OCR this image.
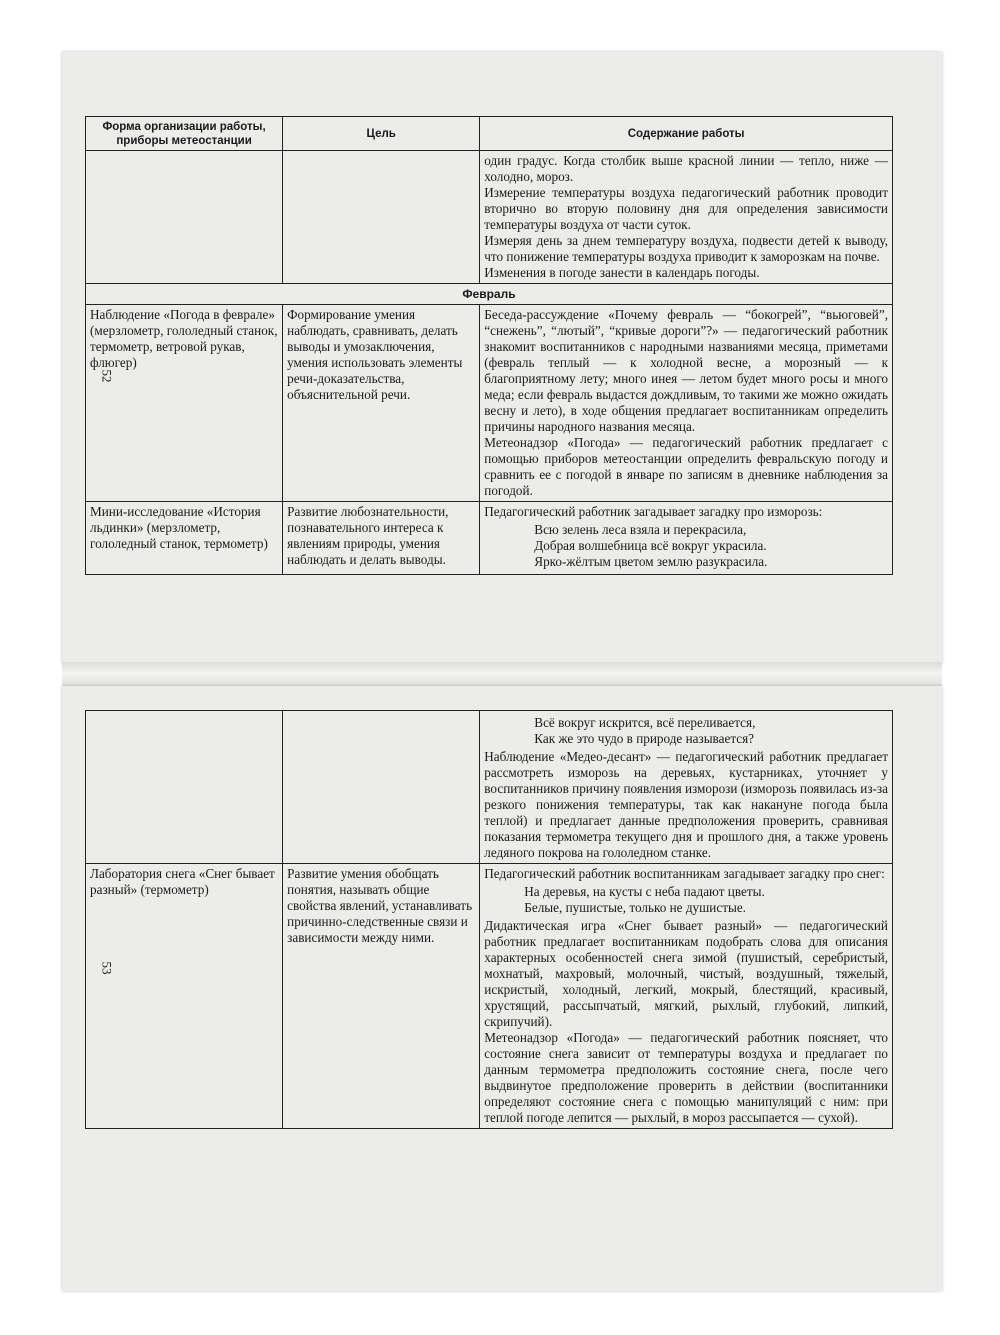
52
53
Форма организации работы, приборы метеостанции	Цель	Содержание работы

		один градус. Когда столбик выше красной линии — тепло, ниже — холодно, мороз.

Измерение температуры воздуха педагогический работник проводит вторично во вторую половину дня для определения зависимости температуры воздуха от части суток.

Измеряя день за днем температуру воздуха, подвести детей к выводу, что понижение температуры воздуха приводит к заморозкам на почве.

Изменения в погоде занести в календарь погоды.

Февраль		
Наблюдение «Погода в феврале» (мерзлометр, гололедный станок, термометр, ветровой рукав, флюгер)	Формирование умения наблюдать, сравнивать, делать выводы и умозаключения, умения использовать элементы речи-доказательства, объяснительной речи.	Беседа-рассуждение «Почему февраль — “бокогрей”, “вьюговей”, “снежень”, “лютый”, “кривые дороги”?» — педагогический работник знакомит воспитанников с народными названиями месяца, приметами (февраль теплый — к холодной весне, а морозный — к благоприятному лету; много инея — летом будет много росы и много меда; если февраль выдастся дождливым, то такими же можно ожидать весну и лето), в ходе общения предлагает воспитанникам определить причины народного названия месяца.

Метеонадзор «Погода» — педагогический работник предлагает с помощью приборов метеостанции определить февральскую погоду и сравнить ее с погодой в январе по записям в дневнике наблюдения за погодой.

Мини-исследование «История льдинки» (мерзлометр, гололедный станок, термометр)	Развитие любознательности, познавательного интереса к явлениям природы, умения наблюдать и делать выводы.	Педагогический работник загадывает загадку про изморозь:

Всю зелень леса взяла и перекрасила,
Добрая волшебница всё вокруг украсила.
Ярко-жёлтым цветом землю разукрасила.

		Всё вокруг искрится, всё переливается,
Как же это чудо в природе называется?

Наблюдение «Медео-десант» — педагогический работник предлагает рассмотреть изморозь на деревьях, кустарниках, уточняет у воспитанников причину появления изморози (изморозь появилась из-за резкого понижения температуры, так как накануне погода была теплой) и предлагает данные предположения проверить, сравнивая показания термометра текущего дня и прошлого дня, а также уровень ледяного покрова на гололедном станке.

Лаборатория снега «Снег бывает разный» (термометр)	Развитие умения обобщать понятия, называть общие свойства явлений, устанавливать причинно-следственные связи и зависимости между ними.	Педагогический работник воспитанникам загадывает загадку про снег:

На деревья, на кусты с неба падают цветы.
Белые, пушистые, только не душистые.

Дидактическая игра «Снег бывает разный» — педагогический работник предлагает воспитанникам подобрать слова для описания характерных особенностей снега зимой (пушистый, серебристый, мохнатый, махровый, молочный, чистый, воздушный, тяжелый, искристый, холодный, легкий, мокрый, блестящий, красивый, хрустящий, рассыпчатый, мягкий, рыхлый, глубокий, липкий, скрипучий).

Метеонадзор «Погода» — педагогический работник поясняет, что состояние снега зависит от температуры воздуха и предлагает по данным термометра предположить состояние снега, после чего выдвинутое предположение проверить в действии (воспитанники определяют состояние снега с помощью манипуляций с ним: при теплой погоде лепится — рыхлый, в мороз рассыпается — сухой).
